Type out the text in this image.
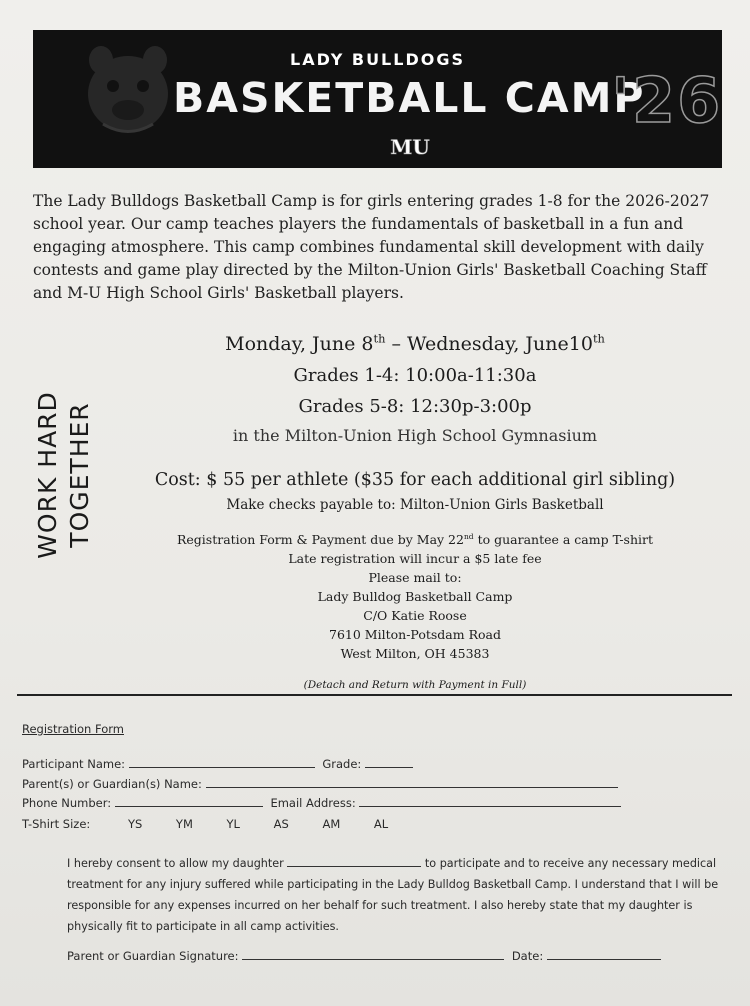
LADY BULLDOGS
BASKETBALL CAMP
'26
MU
The Lady Bulldogs Basketball Camp is for girls entering grades 1-8 for the 2026-2027 school year. Our camp teaches players the fundamentals of basketball in a fun and engaging atmosphere. This camp combines fundamental skill development with daily contests and game play directed by the Milton-Union Girls' Basketball Coaching Staff and M-U High School Girls' Basketball players.
WORK HARD TOGETHER
Monday, June 8th – Wednesday, June10th
Grades 1-4: 10:00a-11:30a
Grades 5-8: 12:30p-3:00p
in the Milton-Union High School Gymnasium
Cost: $ 55 per athlete ($35 for each additional girl sibling)
Make checks payable to: Milton-Union Girls Basketball
Registration Form & Payment due by May 22nd to guarantee a camp T-shirt
Late registration will incur a $5 late fee
Please mail to:
Lady Bulldog Basketball Camp
C/O Katie Roose
7610 Milton-Potsdam Road
West Milton, OH 45383
(Detach and Return with Payment in Full)
Registration Form
Participant Name:	Grade:
Parent(s) or Guardian(s) Name:
Phone Number:	Email Address:
T-Shirt Size:	YS	YM	YL	AS	AM	AL
I hereby consent to allow my daughter	to participate and to receive any necessary medical treatment for any injury suffered while participating in the Lady Bulldog Basketball Camp. I understand that I will be responsible for any expenses incurred on her behalf for such treatment. I also hereby state that my daughter is physically fit to participate in all camp activities.
Parent or Guardian Signature:	Date:
